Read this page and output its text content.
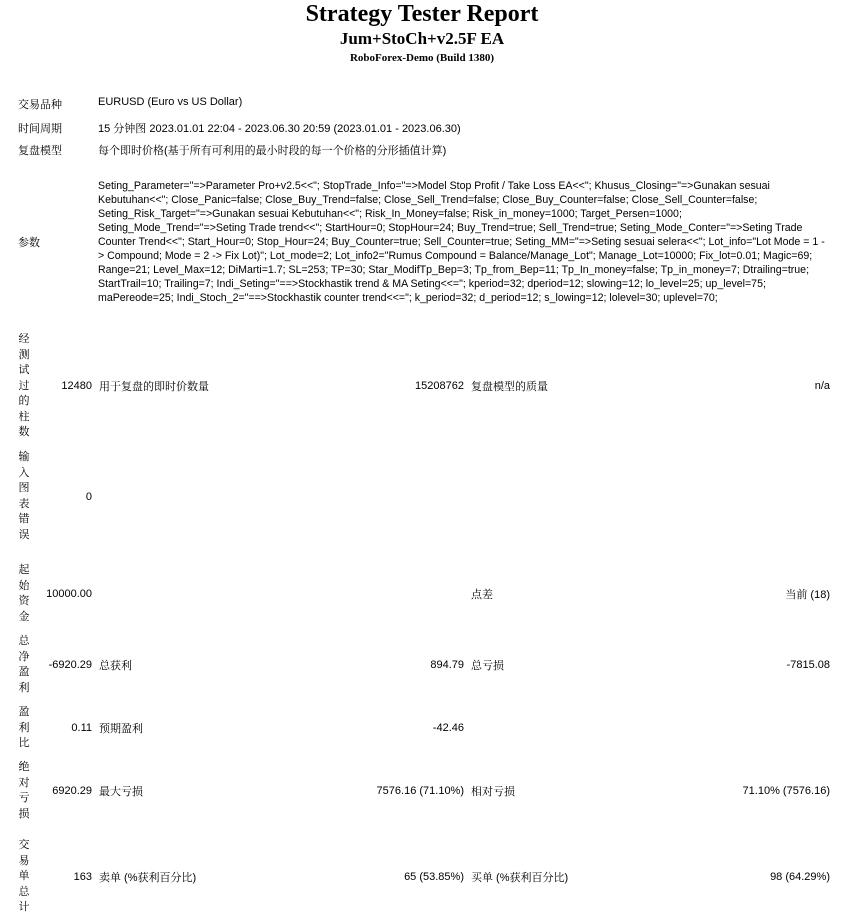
Strategy Tester Report
Jum+StoCh+v2.5F EA
RoboForex-Demo (Build 1380)
交易品种	EURUSD (Euro vs US Dollar)
时间周期	15 分钟图 2023.01.01 22:04 - 2023.06.30 20:59 (2023.01.01 - 2023.06.30)
复盘模型	每个即时价格(基于所有可利用的最小时段的每一个价格的分形插值计算)
参数
Seting_Parameter="=>Parameter Pro+v2.5<<"; StopTrade_Info="=>Model Stop Profit / Take Loss EA<<"; Khusus_Closing="=>Gunakan sesuai Kebutuhan<<"; Close_Panic=false; Close_Buy_Trend=false; Close_Sell_Trend=false; Close_Buy_Counter=false; Close_Sell_Counter=false; Seting_Risk_Target="=>Gunakan sesuai Kebutuhan<<"; Risk_In_Money=false; Risk_in_money=1000; Target_Persen=1000; Seting_Mode_Trend="=>Seting Trade trend<<"; StartHour=0; StopHour=24; Buy_Trend=true; Sell_Trend=true; Seting_Mode_Conter="=>Seting Trade Counter Trend<<"; Start_Hour=0; Stop_Hour=24; Buy_Counter=true; Sell_Counter=true; Seting_MM="=>Seting sesuai selera<<"; Lot_info="Lot Mode = 1 -> Compound; Mode = 2 -> Fix Lot)"; Lot_mode=2; Lot_info2="Rumus Compound = Balance/Manage_Lot"; Manage_Lot=10000; Fix_lot=0.01; Magic=69; Range=21; Level_Max=12; DiMarti=1.7; SL=253; TP=30; Star_ModifTp_Bep=3; Tp_from_Bep=11; Tp_In_money=false; Tp_in_money=7; Dtrailing=true; StartTrail=10; Trailing=7; Indi_Seting="==>Stockhastik trend & MA Seting<<="; kperiod=32; dperiod=12; slowing=12; lo_level=25; up_level=75; maPereode=25; Indi_Stoch_2="==>Stockhastik counter trend<<="; k_period=32; d_period=12; s_lowing=12; lolevel=30; uplevel=70;
经
测
试
过
的
柱
数
12480 用于复盘的即时价数量	15208762 复盘模型的质量	n/a
输
入
图
表
错
误
0
起
始
资
金
10000.00	点差	当前 (18)
总
净
盈
利
-6920.29 总获利	894.79 总亏损	-7815.08
盈
利
比
0.11 预期盈利	-42.46
绝
对
亏
损
6920.29 最大亏损	7576.16 (71.10%) 相对亏损	71.10% (7576.16)
交
易
单
总
计
163 卖单 (%获利百分比)	65 (53.85%) 买单 (%获利百分比)	98 (64.29%)
